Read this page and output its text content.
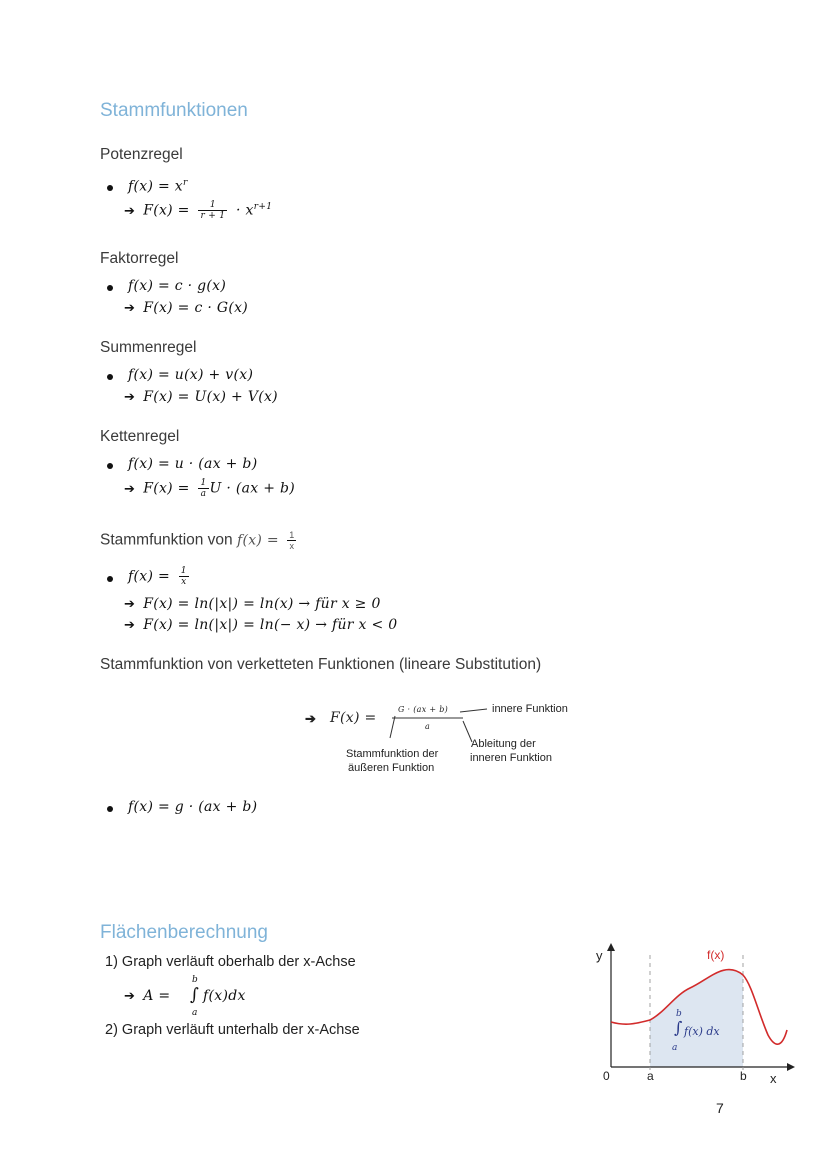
Stammfunktionen
Potenzregel
$f(x) = x^r$
➔ $F(x) = \frac{1}{r + 1} \cdot x^{r+1}$
Faktorregel
f(x) = c · g(x)
➔ F(x) = c · G(x)
Summenregel
f(x) = u(x) + v(x)
➔ F(x) = U(x) + V(x)
Kettenregel
f(x) = u · (ax + b)
➔ $F(x) = \frac{1}{a}$ U · (ax + b)
Stammfunktion von $f(x) = \frac{1}{x}$
$f(x) = \frac{1}{x}$
➔ F(x) = ln(|x|) = ln(x) → für x ≥ 0
➔ F(x) = ln(|x|) = ln(− x) → für x < 0
Stammfunktion von verketteten Funktionen (lineare Substitution)
➔ F(x) =
G · (ax + b)
a
innere Funktion
Stammfunktion der
äußeren Funktion
Ableitung der
inneren Funktion
f(x) = g · (ax + b)
Flächenberechnung
1) Graph verläuft oberhalb der x-Achse
➔ A =
b
∫
a
f(x)dx
2) Graph verläuft unterhalb der x-Achse
y
x
0	a	b
f(x)
b
∫
a
f(x) dx
7
